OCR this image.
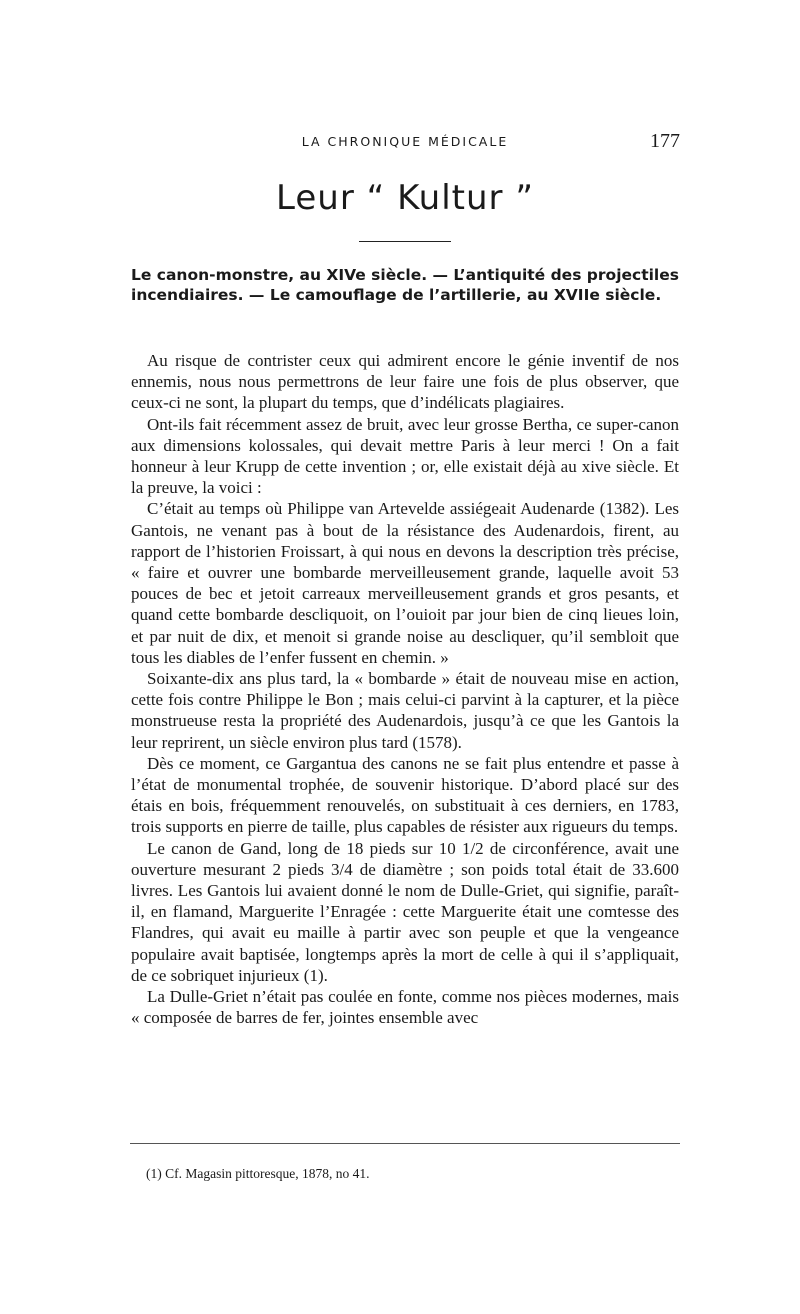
LA CHRONIQUE MÉDICALE	177
Leur “ Kultur ”
Le canon-monstre, au XIVe siècle. — L’antiquité des projectiles incendiaires. — Le camouflage de l’artillerie, au XVIIe siècle.

Au risque de contrister ceux qui admirent encore le génie inventif de nos ennemis, nous nous permettrons de leur faire une fois de plus observer, que ceux-ci ne sont, la plupart du temps, que d’indélicats plagiaires.

Ont-ils fait récemment assez de bruit, avec leur grosse Bertha, ce super-canon aux dimensions kolossales, qui devait mettre Paris à leur merci ! On a fait honneur à leur Krupp de cette invention ; or, elle existait déjà au xive siècle. Et la preuve, la voici :

C’était au temps où Philippe van Artevelde assiégeait Audenarde (1382). Les Gantois, ne venant pas à bout de la résistance des Audenardois, firent, au rapport de l’historien Froissart, à qui nous en devons la description très précise, « faire et ouvrer une bombarde merveilleusement grande, laquelle avoit 53 pouces de bec et jetoit carreaux merveilleusement grands et gros pesants, et quand cette bombarde descliquoit, on l’ouioit par jour bien de cinq lieues loin, et par nuit de dix, et menoit si grande noise au descliquer, qu’il sembloit que tous les diables de l’enfer fussent en chemin. »

Soixante-dix ans plus tard, la « bombarde » était de nouveau mise en action, cette fois contre Philippe le Bon ; mais celui-ci parvint à la capturer, et la pièce monstrueuse resta la propriété des Audenardois, jusqu’à ce que les Gantois la leur reprirent, un siècle environ plus tard (1578).

Dès ce moment, ce Gargantua des canons ne se fait plus entendre et passe à l’état de monumental trophée, de souvenir historique. D’abord placé sur des étais en bois, fréquemment renouvelés, on substituait à ces derniers, en 1783, trois supports en pierre de taille, plus capables de résister aux rigueurs du temps.

Le canon de Gand, long de 18 pieds sur 10 1/2 de circonférence, avait une ouverture mesurant 2 pieds 3/4 de diamètre ; son poids total était de 33.600 livres. Les Gantois lui avaient donné le nom de Dulle-Griet, qui signifie, paraît-il, en flamand, Marguerite l’Enragée : cette Marguerite était une comtesse des Flandres, qui avait eu maille à partir avec son peuple et que la vengeance populaire avait baptisée, longtemps après la mort de celle à qui il s’appliquait, de ce sobriquet injurieux (1).

La Dulle-Griet n’était pas coulée en fonte, comme nos pièces modernes, mais « composée de barres de fer, jointes ensemble avec

(1) Cf. Magasin pittoresque, 1878, no 41.
